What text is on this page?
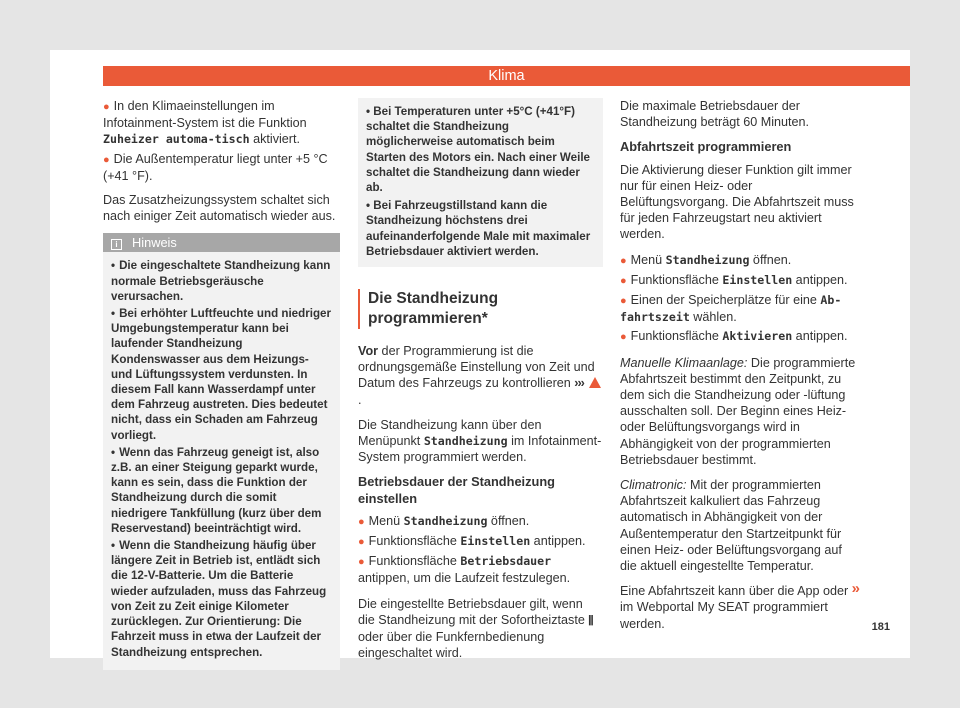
Klima

● In den Klimaeinstellungen im Infotainment-System ist die Funktion Zuheizer automa-tisch aktiviert.

● Die Außentemperatur liegt unter +5 °C (+41 °F).

Das Zusatzheizungssystem schaltet sich nach einiger Zeit automatisch wieder aus.

i Hinweis
• Die eingeschaltete Standheizung kann normale Betriebsgeräusche verursachen.
• Bei erhöhter Luftfeuchte und niedriger Umgebungstemperatur kann bei laufender Standheizung Kondenswasser aus dem Heizungs- und Lüftungssystem verdunsten. In diesem Fall kann Wasserdampf unter dem Fahrzeug austreten. Dies bedeutet nicht, dass ein Schaden am Fahrzeug vorliegt.
• Wenn das Fahrzeug geneigt ist, also z.B. an einer Steigung geparkt wurde, kann es sein, dass die Funktion der Standheizung durch die somit niedrigere Tankfüllung (kurz über dem Reservestand) beeinträchtigt wird.
• Wenn die Standheizung häufig über längere Zeit in Betrieb ist, entlädt sich die 12-V-Batterie. Um die Batterie wieder aufzuladen, muss das Fahrzeug von Zeit zu Zeit einige Kilometer zurücklegen. Zur Orientierung: Die Fahrzeit muss in etwa der Laufzeit der Standheizung entsprechen.
• Bei Temperaturen unter +5°C (+41°F) schaltet die Standheizung möglicherweise automatisch beim Starten des Motors ein. Nach einer Weile schaltet die Standheizung dann wieder ab.
• Bei Fahrzeugstillstand kann die Standheizung höchstens drei aufeinanderfolgende Male mit maximaler Betriebsdauer aktiviert werden.
Die Standheizung programmieren*

Vor der Programmierung ist die ordnungsgemäße Einstellung von Zeit und Datum des Fahrzeugs zu kontrollieren ››› .

Die Standheizung kann über den Menüpunkt Standheizung im Infotainment-System programmiert werden.

Betriebsdauer der Standheizung einstellen

● Menü Standheizung öffnen.

● Funktionsfläche Einstellen antippen.

● Funktionsfläche Betriebsdauer antippen, um die Laufzeit festzulegen.

Die eingestellte Betriebsdauer gilt, wenn die Standheizung mit der Sofortheiztaste ⫼ oder über die Funkfernbedienung eingeschaltet wird.

Die maximale Betriebsdauer der Standheizung beträgt 60 Minuten.

Abfahrtszeit programmieren

Die Aktivierung dieser Funktion gilt immer nur für einen Heiz- oder Belüftungsvorgang. Die Abfahrtszeit muss für jeden Fahrzeugstart neu aktiviert werden.

● Menü Standheizung öffnen.

● Funktionsfläche Einstellen antippen.

● Einen der Speicherplätze für eine Ab-fahrtszeit wählen.

● Funktionsfläche Aktivieren antippen.

Manuelle Klimaanlage: Die programmierte Abfahrtszeit bestimmt den Zeitpunkt, zu dem sich die Standheizung oder -lüftung ausschalten soll. Der Beginn eines Heiz- oder Belüftungsvorgangs wird in Abhängigkeit von der programmierten Betriebsdauer bestimmt.

Climatronic: Mit der programmierten Abfahrtszeit kalkuliert das Fahrzeug automatisch in Abhängigkeit von der Außentemperatur den Startzeitpunkt für einen Heiz- oder Belüftungsvorgang auf die aktuell eingestellte Temperatur.

»
Eine Abfahrtszeit kann über die App oder im Webportal My SEAT programmiert werden.	181
